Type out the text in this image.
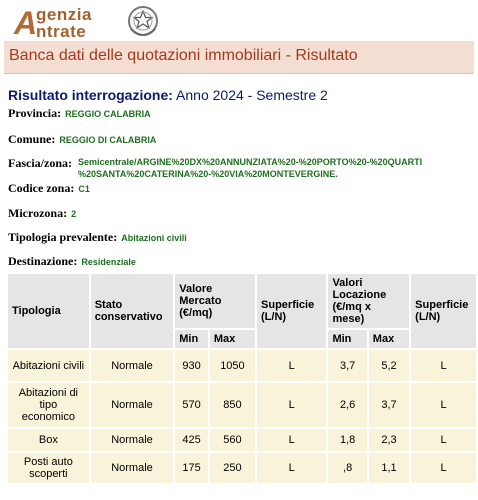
A
genzia
ntrate
Banca dati delle quotazioni immobiliari - Risultato
Risultato interrogazione: Anno 2024 - Semestre 2
Provincia: REGGIO CALABRIA
Comune: REGGIO DI CALABRIA
Fascia/zona: Semicentrale/ARGINE%20DX%20ANNUNZIATA%20-%20PORTO%20-%20QUARTI
%20SANTA%20CATERINA%20-%20VIA%20MONTEVERGINE.
Codice zona: C1
Microzona: 2
Tipologia prevalente: Abitazioni civili
Destinazione: Residenziale
Tipologia	Stato conservativo	Valore Mercato (€/mq)		Superficie (L/N)	Valori Locazione (€/mq x mese)		Superficie (L/N)
		Min	Max		Min	Max	
Abitazioni civili	Normale	930	1050	L	3,7	5,2	L
Abitazioni di tipo economico	Normale	570	850	L	2,6	3,7	L
Box	Normale	425	560	L	1,8	2,3	L
Posti auto scoperti	Normale	175	250	L	,8	1,1	L
